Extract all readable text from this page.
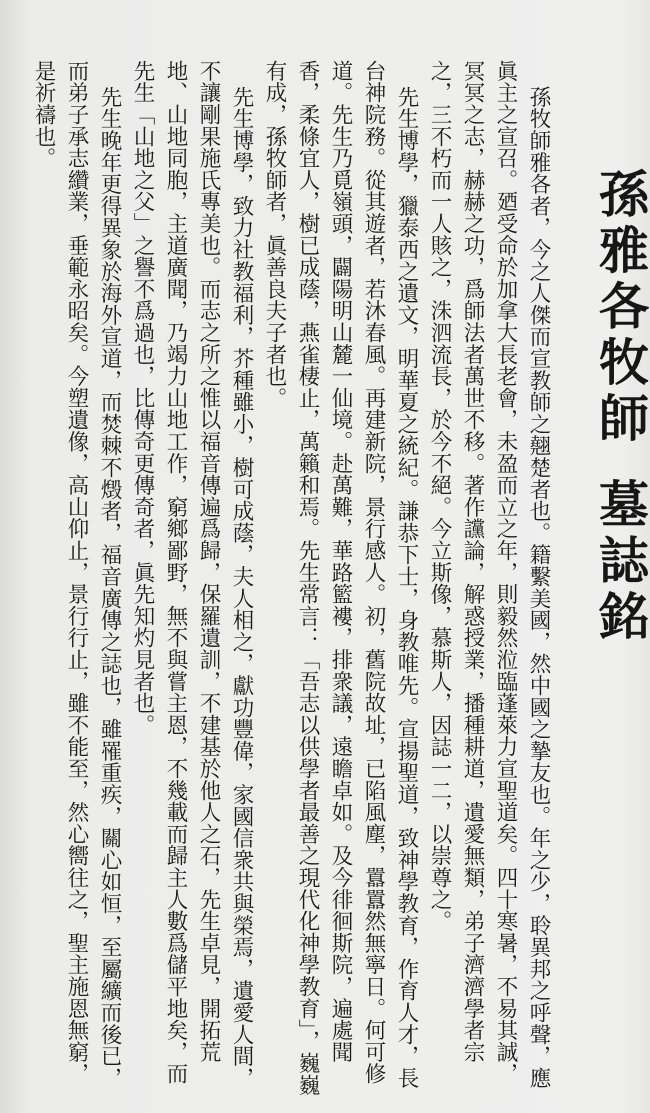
孫雅各牧師墓誌銘

孫牧師雅各者，今之人傑而宣教師之翹楚者也。籍繫美國，然中國之摯友也。年之少，聆異邦之呼聲，應眞主之宣召。廼受命於加拿大長老會，未盈而立之年，則毅然涖臨蓬萊力宣聖道矣。四十寒暑，不易其誠，冥冥之志，赫赫之功，爲師法者萬世不移。著作讜論，解惑授業，播種耕道，遺愛無類，弟子濟濟學者宗之，三不朽而一人賅之，洙泗流長，於今不絕。今立斯像，慕斯人，因誌一二，以崇尊之。

先生博學，獵泰西之遺文，明華夏之統紀。謙恭下士，身教唯先。宣揚聖道，致神學教育，作育人才，長台神院務。從其遊者，若沐春風。再建新院，景行感人。初，舊院故址，已陷風塵，囂囂然無寧日。何可修道。先生乃覓嶺頭，闢陽明山麓一仙境。赴萬難，華路籃褸，排衆議，遠瞻卓如。及今徘徊斯院，遍處聞香，柔條宜人，樹已成蔭，燕雀棲止，萬籟和焉。先生常言：「吾志以供學者最善之現代化神學教育」，巍巍有成，孫牧師者，眞善良夫子者也。

先生博學，致力社教福利，芥種雖小，樹可成蔭，夫人相之，獻功豐偉，家國信衆共與榮焉，遺愛人間，不讓剛果施氏專美也。而志之所之惟以福音傳遍爲歸，保羅遺訓，不建基於他人之石，先生卓見，開拓荒地、山地同胞，主道廣聞，乃竭力山地工作，窮鄉鄙野，無不與嘗主恩，不幾載而歸主人數爲儲平地矣，而先生「山地之父」之譽不爲過也，比傳奇更傳奇者，眞先知灼見者也。

先生晚年更得異象於海外宣道，而焚棘不燬者，福音廣傳之誌也，雖罹重疾，關心如恒，至屬纊而後已，而弟子承志纘業，垂範永昭矣。今塑遺像，高山仰止，景行行止，雖不能至，然心嚮往之，聖主施恩無窮，是祈禱也。
